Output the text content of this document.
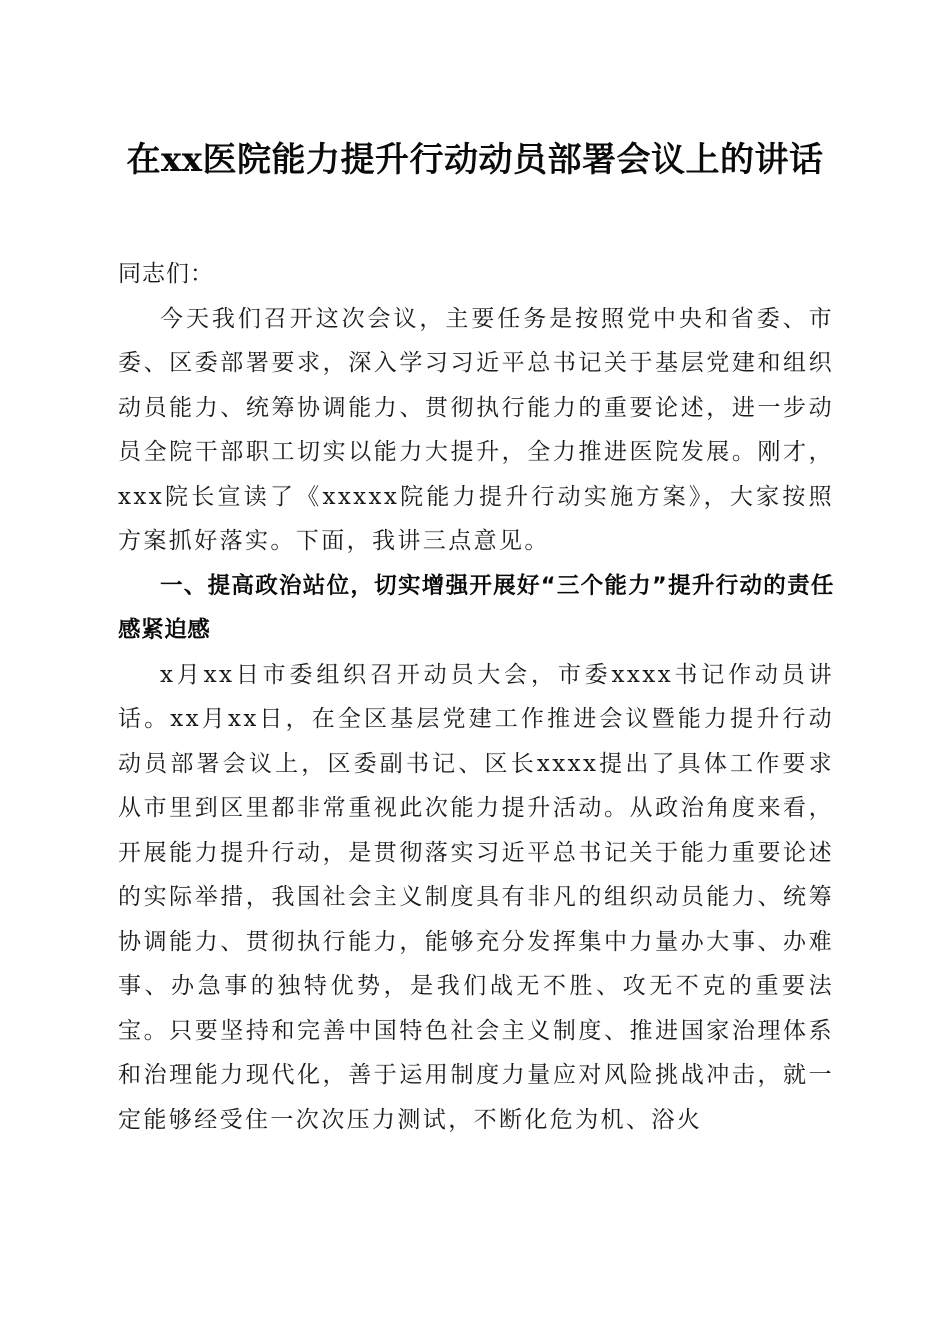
在xx医院能力提升行动动员部署会议上的讲话

同志们：

今天我们召开这次会议，主要任务是按照党中央和省委、市委、区委部署要求，深入学习习近平总书记关于基层党建和组织动员能力、统筹协调能力、贯彻执行能力的重要论述，进一步动员全院干部职工切实以能力大提升，全力推进医院发展。刚才，xxx院长宣读了《xxxxx院能力提升行动实施方案》，大家按照方案抓好落实。下面，我讲三点意见。

一、提高政治站位，切实增强开展好“三个能力”提升行动的责任感紧迫感

x月xx日市委组织召开动员大会，市委xxxx书记作动员讲话。xx月xx日，在全区基层党建工作推进会议暨能力提升行动动员部署会议上，区委副书记、区长xxxx提出了具体工作要求从市里到区里都非常重视此次能力提升活动。从政治角度来看，开展能力提升行动，是贯彻落实习近平总书记关于能力重要论述的实际举措，我国社会主义制度具有非凡的组织动员能力、统筹协调能力、贯彻执行能力，能够充分发挥集中力量办大事、办难事、办急事的独特优势，是我们战无不胜、攻无不克的重要法宝。只要坚持和完善中国特色社会主义制度、推进国家治理体系和治理能力现代化，善于运用制度力量应对风险挑战冲击，就一定能够经受住一次次压力测试，不断化危为机、浴火
